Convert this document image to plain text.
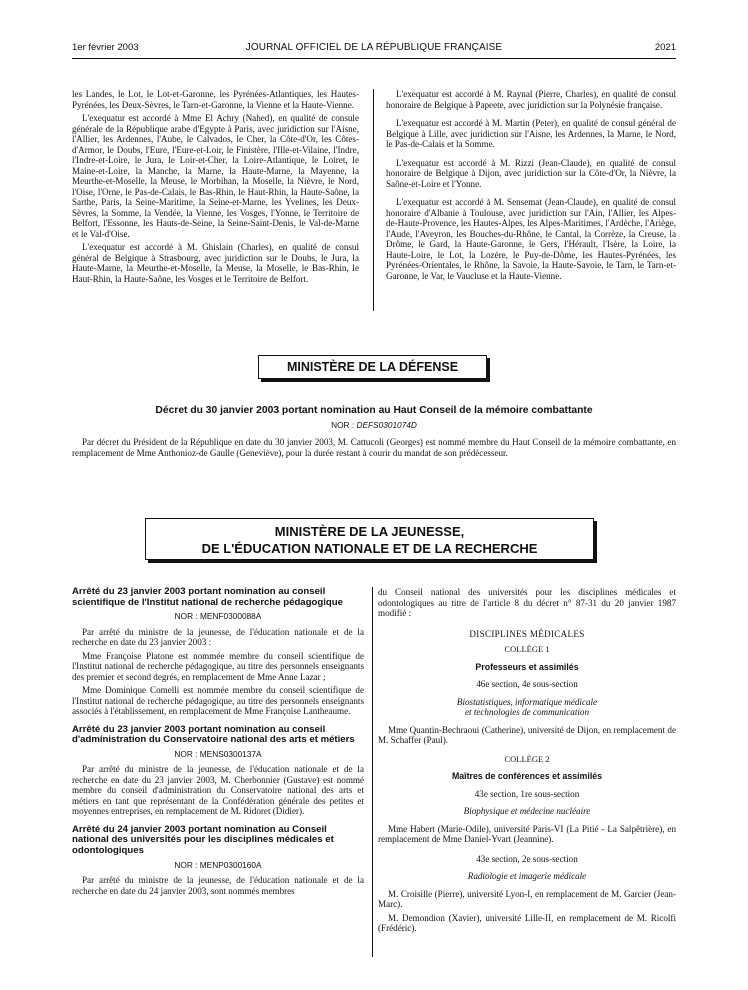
1er février 2003	JOURNAL OFFICIEL DE LA RÉPUBLIQUE FRANÇAISE	2021

les Landes, le Lot, le Lot-et-Garonne, les Pyrénées-Atlantiques, les Hautes-Pyrénées, les Deux-Sèvres, le Tarn-et-Garonne, la Vienne et la Haute-Vienne.

L'exequatur est accordé à Mme El Achry (Nahed), en qualité de consule générale de la République arabe d'Egypte à Paris, avec juridiction sur l'Aisne, l'Allier, les Ardennes, l'Aube, le Calvados, le Cher, la Côte-d'Or, les Côtes-d'Armor, le Doubs, l'Eure, l'Eure-et-Loir, le Finistère, l'Ille-et-Vilaine, l'Indre, l'Indre-et-Loire, le Jura, le Loir-et-Cher, la Loire-Atlantique, le Loiret, le Maine-et-Loire, la Manche, la Marne, la Haute-Marne, la Mayenne, la Meurthe-et-Moselle, la Meuse, le Morbihan, la Moselle, la Nièvre, le Nord, l'Oise, l'Orne, le Pas-de-Calais, le Bas-Rhin, le Haut-Rhin, la Haute-Saône, la Sarthe, Paris, la Seine-Maritime, la Seine-et-Marne, les Yvelines, les Deux-Sèvres, la Somme, la Vendée, la Vienne, les Vosges, l'Yonne, le Territoire de Belfort, l'Essonne, les Hauts-de-Seine, la Seine-Saint-Denis, le Val-de-Marne et le Val-d'Oise.

L'exequatur est accordé à M. Ghislain (Charles), en qualité de consul général de Belgique à Strasbourg, avec juridiction sur le Doubs, le Jura, la Haute-Marne, la Meurthe-et-Moselle, la Meuse, la Moselle, le Bas-Rhin, le Haut-Rhin, la Haute-Saône, les Vosges et le Territoire de Belfort.

L'exequatur est accordé à M. Raynal (Pierre, Charles), en qualité de consul honoraire de Belgique à Papeete, avec juridiction sur la Polynésie française.

L'exequatur est accordé à M. Martin (Peter), en qualité de consul général de Belgique à Lille, avec juridiction sur l'Aisne, les Ardennes, la Marne, le Nord, le Pas-de-Calais et la Somme.

L'exequatur est accordé à M. Rizzi (Jean-Claude), en qualité de consul honoraire de Belgique à Dijon, avec juridiction sur la Côte-d'Or, la Nièvre, la Saône-et-Loire et l'Yonne.

L'exequatur est accordé à M. Sensemat (Jean-Claude), en qualité de consul honoraire d'Albanie à Toulouse, avec juridiction sur l'Ain, l'Allier, les Alpes-de-Haute-Provence, les Hautes-Alpes, les Alpes-Maritimes, l'Ardèche, l'Ariège, l'Aude, l'Aveyron, les Bouches-du-Rhône, le Cantal, la Corrèze, la Creuse, la Drôme, le Gard, la Haute-Garonne, le Gers, l'Hérault, l'Isère, la Loire, la Haute-Loire, le Lot, la Lozère, le Puy-de-Dôme, les Hautes-Pyrénées, les Pyrénées-Orientales, le Rhône, la Savoie, la Haute-Savoie, le Tarn, le Tarn-et-Garonne, le Var, le Vaucluse et la Haute-Vienne.

MINISTÈRE DE LA DÉFENSE
Décret du 30 janvier 2003 portant nomination au Haut Conseil de la mémoire combattante
NOR : DEFS0301074D

Par décret du Président de la République en date du 30 janvier 2003, M. Cattucoli (Georges) est nommé membre du Haut Conseil de la mémoire combattante, en remplacement de Mme Anthonioz-de Gaulle (Geneviève), pour la durée restant à courir du mandat de son prédécesseur.

MINISTÈRE DE LA JEUNESSE,
DE L'ÉDUCATION NATIONALE ET DE LA RECHERCHE
Arrêté du 23 janvier 2003 portant nomination au conseil scientifique de l'Institut national de recherche pédagogique
NOR : MENF0300088A

Par arrêté du ministre de la jeunesse, de l'éducation nationale et de la recherche en date du 23 janvier 2003 :

Mme Françoise Platone est nommée membre du conseil scientifique de l'Institut national de recherche pédagogique, au titre des personnels enseignants des premier et second degrés, en remplacement de Mme Anne Lazar ;

Mme Dominique Comelli est nommée membre du conseil scientifique de l'Institut national de recherche pédagogique, au titre des personnels enseignants associés à l'établissement, en remplacement de Mme Françoise Lantheaume.

Arrêté du 23 janvier 2003 portant nomination au conseil d'administration du Conservatoire national des arts et métiers
NOR : MENS0300137A

Par arrêté du ministre de la jeunesse, de l'éducation nationale et de la recherche en date du 23 janvier 2003, M. Cherbonnier (Gustave) est nommé membre du conseil d'administration du Conservatoire national des arts et métiers en tant que représentant de la Confédération générale des petites et moyennes entreprises, en remplacement de M. Ridoret (Didier).

Arrêté du 24 janvier 2003 portant nomination au Conseil national des universités pour les disciplines médicales et odontologiques
NOR : MENP0300160A

Par arrêté du ministre de la jeunesse, de l'éducation nationale et de la recherche en date du 24 janvier 2003, sont nommés membres

du Conseil national des universités pour les disciplines médicales et odontologiques au titre de l'article 8 du décret n° 87-31 du 20 janvier 1987 modifié :

DISCIPLINES MÉDICALES

COLLÈGE 1

Professeurs et assimilés

46e section, 4e sous-section

Biostatistiques, informatique médicale

et technologies de communication

Mme Quantin-Bechraoui (Catherine), université de Dijon, en remplacement de M. Schaffer (Paul).

COLLÈGE 2

Maîtres de conférences et assimilés

43e section, 1re sous-section

Biophysique et médecine nucléaire

Mme Habert (Marie-Odile), université Paris-VI (La Pitié - La Salpêtrière), en remplacement de Mme Daniel-Yvart (Jeannine).

43e section, 2e sous-section

Radiologie et imagerie médicale

M. Croisille (Pierre), université Lyon-I, en remplacement de M. Garcier (Jean-Marc).

M. Demondion (Xavier), université Lille-II, en remplacement de M. Ricolfi (Frédéric).
